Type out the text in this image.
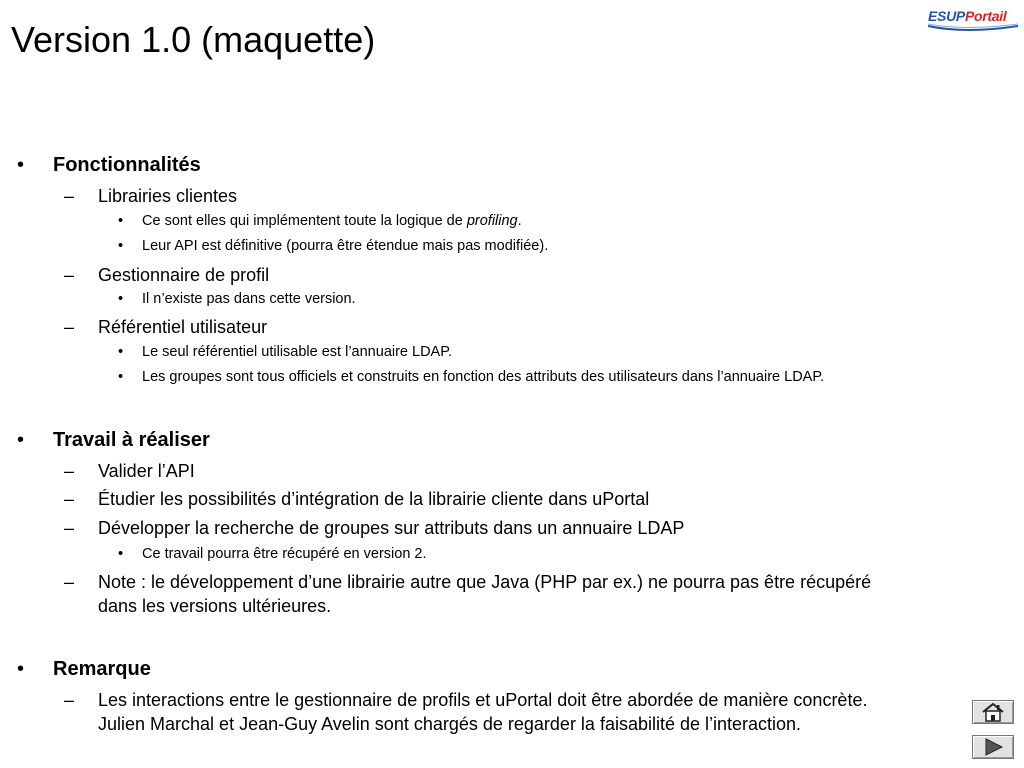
Version 1.0 (maquette)
ESUPPortail
• Fonctionnalités
– Librairies clientes
• Ce sont elles qui implémentent toute la logique de profiling.
• Leur API est définitive (pourra être étendue mais pas modifiée).
– Gestionnaire de profil
• Il n’existe pas dans cette version.
– Référentiel utilisateur
• Le seul référentiel utilisable est l’annuaire LDAP.
• Les groupes sont tous officiels et construits en fonction des attributs des utilisateurs dans l’annuaire LDAP.
• Travail à réaliser
– Valider l’API
– Étudier les possibilités d’intégration de la librairie cliente dans uPortal
– Développer la recherche de groupes sur attributs dans un annuaire LDAP
• Ce travail pourra être récupéré en version 2.
– Note : le développement d’une librairie autre que Java (PHP par ex.) ne pourra pas être récupéré
dans les versions ultérieures.
• Remarque
– Les interactions entre le gestionnaire de profils et uPortal doit être abordée de manière concrète.
Julien Marchal et Jean-Guy Avelin sont chargés de regarder la faisabilité de l’interaction.
